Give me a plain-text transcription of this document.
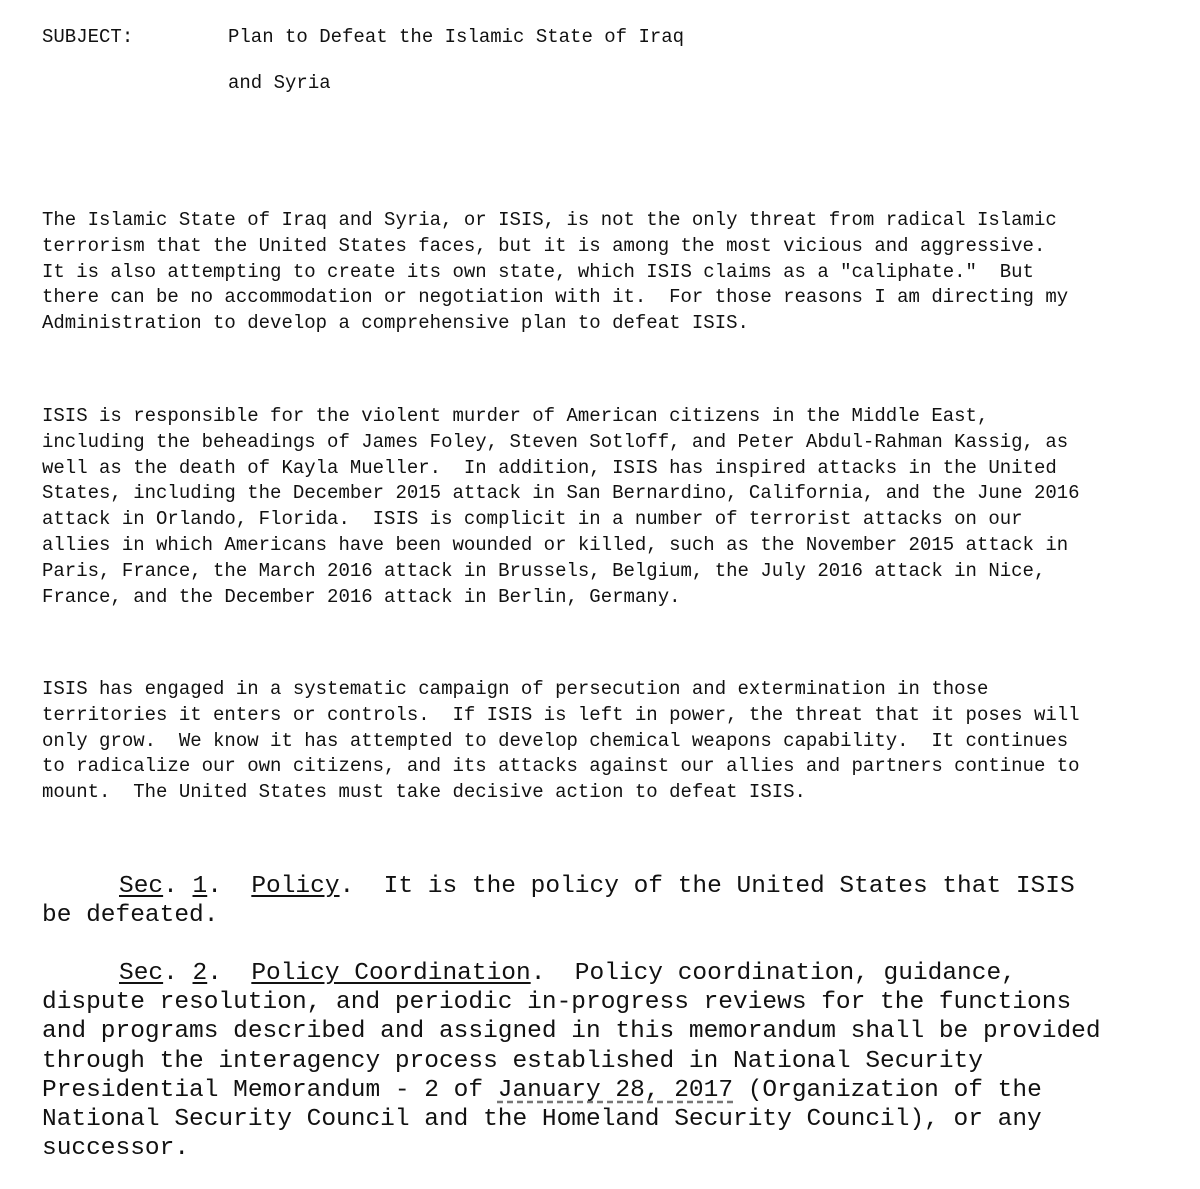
SUBJECT:	Plan to Defeat the Islamic State of Iraq
and Syria
The Islamic State of Iraq and Syria, or ISIS, is not the only threat from radical Islamic
terrorism that the United States faces, but it is among the most vicious and aggressive.
It is also attempting to create its own state, which ISIS claims as a "caliphate."  But
there can be no accommodation or negotiation with it.  For those reasons I am directing my
Administration to develop a comprehensive plan to defeat ISIS.
ISIS is responsible for the violent murder of American citizens in the Middle East,
including the beheadings of James Foley, Steven Sotloff, and Peter Abdul-Rahman Kassig, as
well as the death of Kayla Mueller.  In addition, ISIS has inspired attacks in the United
States, including the December 2015 attack in San Bernardino, California, and the June 2016
attack in Orlando, Florida.  ISIS is complicit in a number of terrorist attacks on our
allies in which Americans have been wounded or killed, such as the November 2015 attack in
Paris, France, the March 2016 attack in Brussels, Belgium, the July 2016 attack in Nice,
France, and the December 2016 attack in Berlin, Germany.
ISIS has engaged in a systematic campaign of persecution and extermination in those
territories it enters or controls.  If ISIS is left in power, the threat that it poses will
only grow.  We know it has attempted to develop chemical weapons capability.  It continues
to radicalize our own citizens, and its attacks against our allies and partners continue to
mount.  The United States must take decisive action to defeat ISIS.
Sec. 1.  Policy.  It is the policy of the United States that ISIS
be defeated.
Sec. 2.  Policy Coordination.  Policy coordination, guidance,
dispute resolution, and periodic in-progress reviews for the functions
and programs described and assigned in this memorandum shall be provided
through the interagency process established in National Security
Presidential Memorandum - 2 of January 28, 2017 (Organization of the
National Security Council and the Homeland Security Council), or any
successor.
